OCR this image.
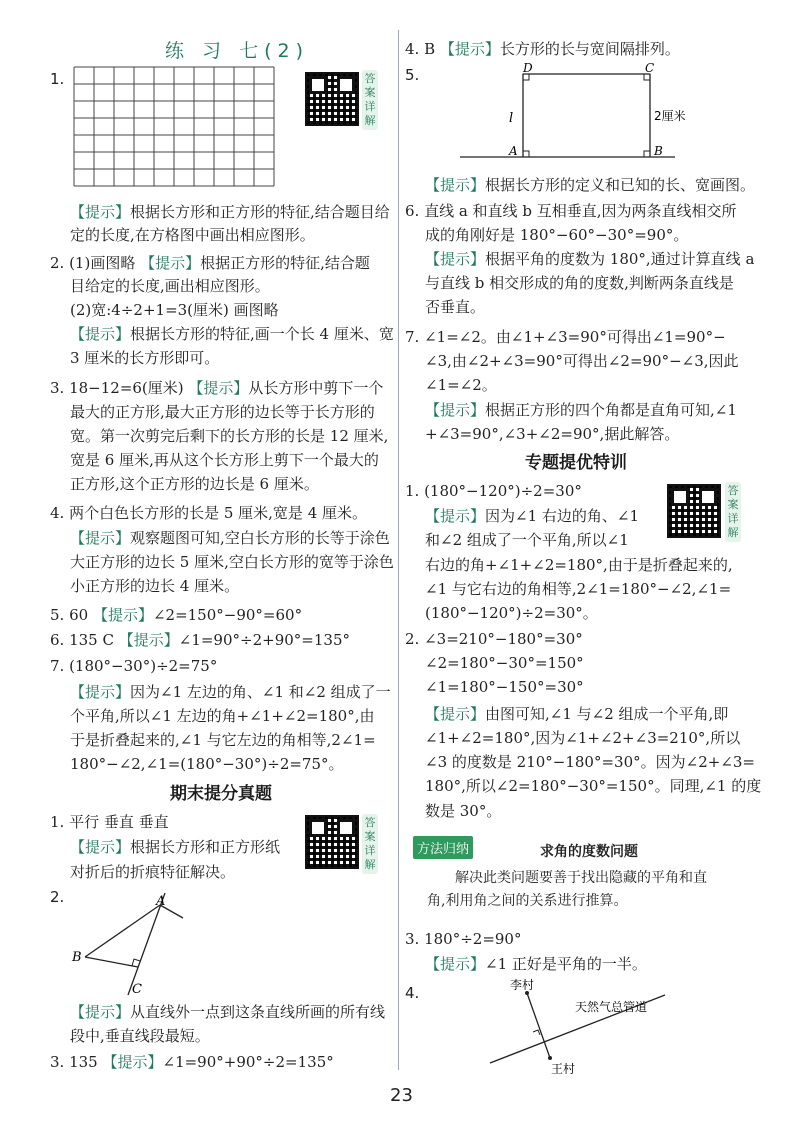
练 习 七(2)
1.	答
案
详
解
【提示】根据长方形和正方形的特征,结合题目给
定的长度,在方格图中画出相应图形。
2. (1)画图略 【提示】根据正方形的特征,结合题
目给定的长度,画出相应图形。
(2)宽:4÷2+1=3(厘米) 画图略
【提示】根据长方形的特征,画一个长 4 厘米、宽
3 厘米的长方形即可。
3. 18−12=6(厘米) 【提示】从长方形中剪下一个
最大的正方形,最大正方形的边长等于长方形的
宽。第一次剪完后剩下的长方形的长是 12 厘米,
宽是 6 厘米,再从这个长方形上剪下一个最大的
正方形,这个正方形的边长是 6 厘米。
4. 两个白色长方形的长是 5 厘米,宽是 4 厘米。
【提示】观察题图可知,空白长方形的长等于涂色
大正方形的边长 5 厘米,空白长方形的宽等于涂色
小正方形的边长 4 厘米。
5. 60 【提示】∠2=150°−90°=60°
6. 135 C 【提示】∠1=90°÷2+90°=135°
7. (180°−30°)÷2=75°
【提示】因为∠1 左边的角、∠1 和∠2 组成了一
个平角,所以∠1 左边的角+∠1+∠2=180°,由
于是折叠起来的,∠1 与它左边的角相等,2∠1=
180°−∠2,∠1=(180°−30°)÷2=75°。
期末提分真题
1. 平行 垂直 垂直
【提示】根据长方形和正方形纸
对折后的折痕特征解决。
答
案
详
解
2.	A
B
C
【提示】从直线外一点到这条直线所画的所有线
段中,垂直线段最短。
3. 135 【提示】∠1=90°+90°÷2=135°
4. B 【提示】长方形的长与宽间隔排列。
5.	D	C
A	B
l	2厘米
【提示】根据长方形的定义和已知的长、宽画图。
6. 直线 a 和直线 b 互相垂直,因为两条直线相交所
成的角刚好是 180°−60°−30°=90°。
【提示】根据平角的度数为 180°,通过计算直线 a
与直线 b 相交形成的角的度数,判断两条直线是
否垂直。
7. ∠1=∠2。由∠1+∠3=90°可得出∠1=90°−
∠3,由∠2+∠3=90°可得出∠2=90°−∠3,因此
∠1=∠2。
【提示】根据正方形的四个角都是直角可知,∠1
+∠3=90°,∠3+∠2=90°,据此解答。
专题提优特训
1. (180°−120°)÷2=30°
【提示】因为∠1 右边的角、∠1
和∠2 组成了一个平角,所以∠1
右边的角+∠1+∠2=180°,由于是折叠起来的,
∠1 与它右边的角相等,2∠1=180°−∠2,∠1=
(180°−120°)÷2=30°。
答
案
详
解
2. ∠3=210°−180°=30°
∠2=180°−30°=150°
∠1=180°−150°=30°
【提示】由图可知,∠1 与∠2 组成一个平角,即
∠1+∠2=180°,因为∠1+∠2+∠3=210°,所以
∠3 的度数是 210°−180°=30°。因为∠2+∠3=
180°,所以∠2=180°−30°=150°。同理,∠1 的度
数是 30°。
方法归纳	求角的度数问题
解决此类问题要善于找出隐藏的平角和直
角,利用角之间的关系进行推算。
3. 180°÷2=90°
【提示】∠1 正好是平角的一半。
4.	李村
天然气总管道
王村
23
